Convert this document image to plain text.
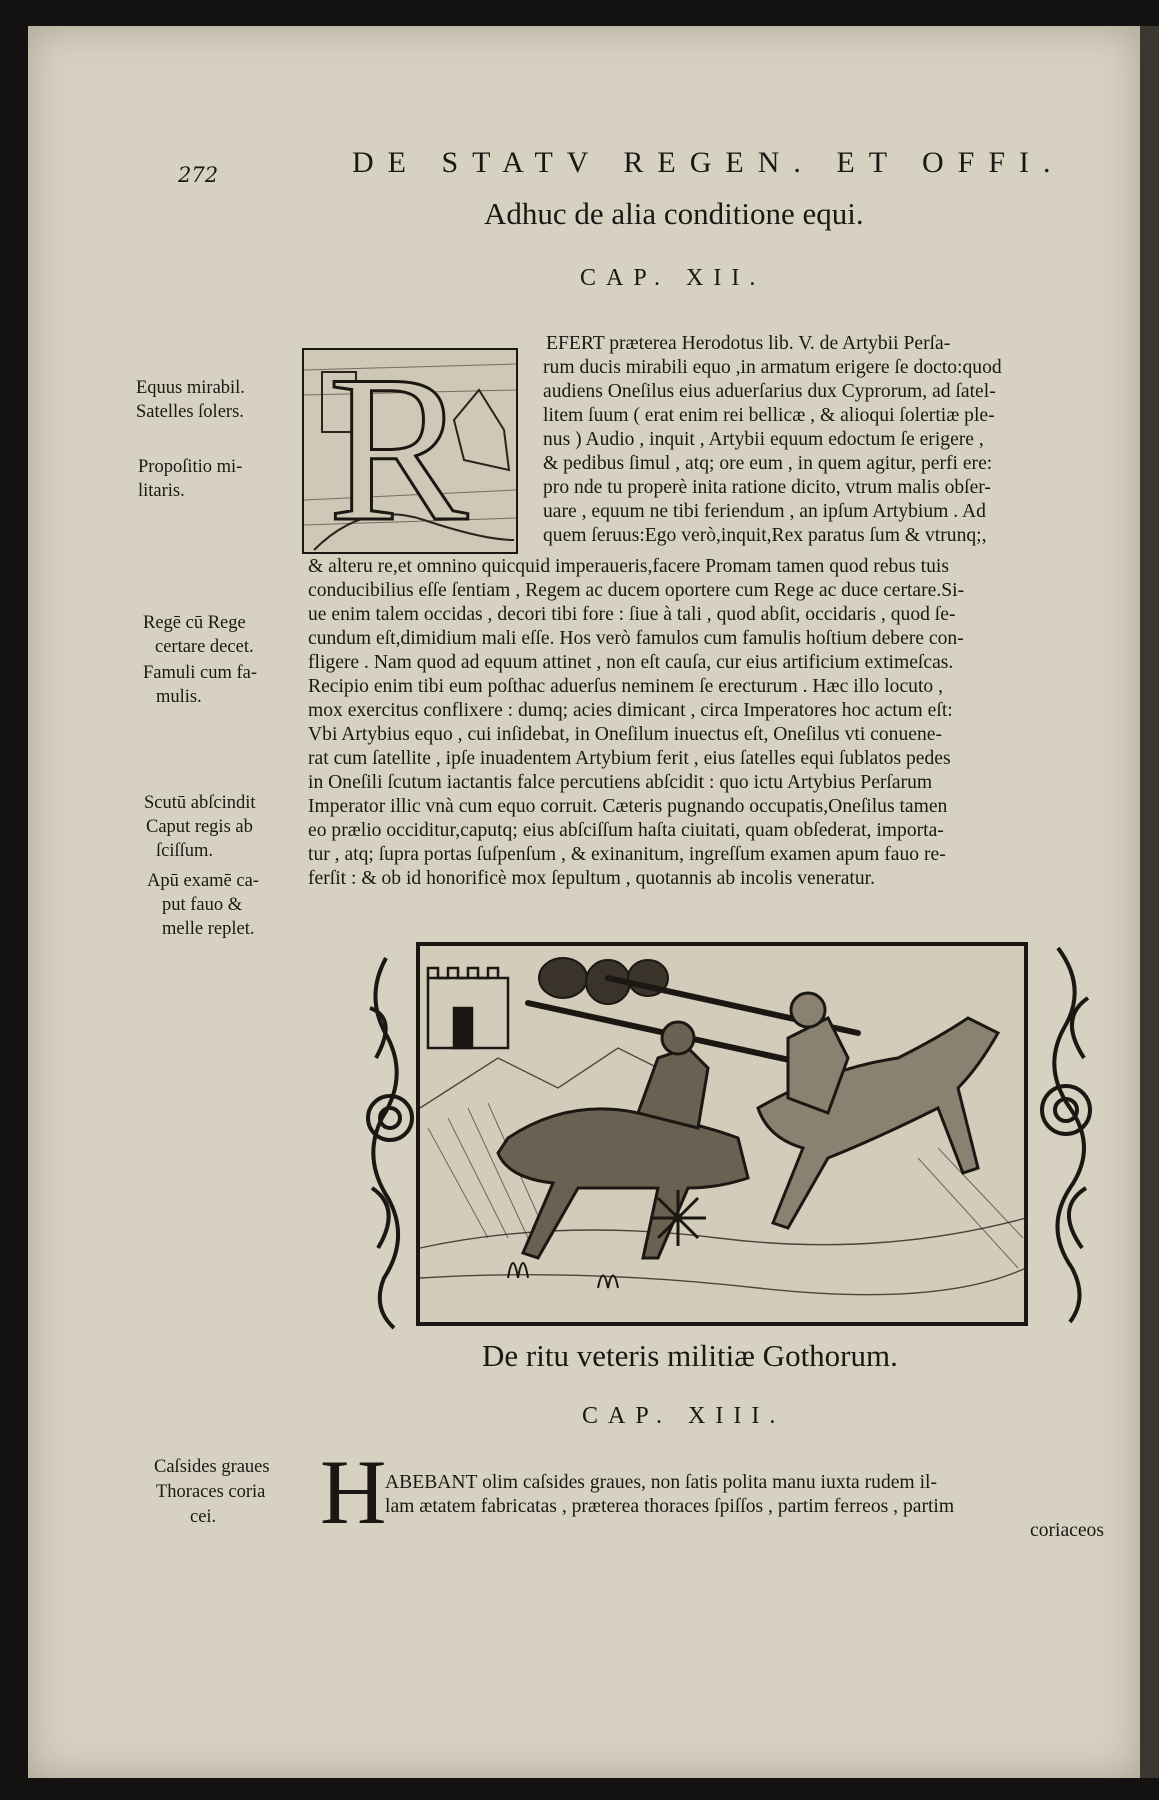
272	DE STATV REGEN. ET OFFI.
Adhuc de alia conditione equi.
CAP. XII.
R	EFERT præterea Herodotus lib. V. de Artybii Perſa-
rum ducis mirabili equo ,in armatum erigere ſe docto:quod
audiens Oneſilus eius aduerſarius dux Cyprorum, ad ſatel-
litem ſuum ( erat enim rei bellicæ , & alioqui ſolertiæ ple-
nus ) Audio , inquit , Artybii equum edoctum ſe erigere ,
& pedibus ſimul , atq; ore eum , in quem agitur, perfi ere:
pro nde tu properè inita ratione dicito, vtrum malis obſer-
uare , equum ne tibi feriendum , an ipſum Artybium . Ad
quem ſeruus:Ego verò,inquit,Rex paratus ſum & vtrunq;,
& alteru re,et omnino quicquid imperaueris,facere Promam tamen quod rebus tuis
conducibilius eſſe ſentiam , Regem ac ducem oportere cum Rege ac duce certare.Si-
ue enim talem occidas , decori tibi fore : ſiue à tali , quod abſit, occidaris , quod ſe-
cundum eſt,dimidium mali eſſe. Hos verò famulos cum famulis hoſtium debere con-
fligere . Nam quod ad equum attinet , non eſt cauſa, cur eius artificium extimeſcas.
Recipio enim tibi eum poſthac aduerſus neminem ſe erecturum . Hæc illo locuto ,
mox exercitus conflixere : dumq; acies dimicant , circa Imperatores hoc actum eſt:
Vbi Artybius equo , cui inſidebat, in Oneſilum inuectus eſt, Oneſilus vti conuene-
rat cum ſatellite , ipſe inuadentem Artybium ferit , eius ſatelles equi ſublatos pedes
in Oneſili ſcutum iactantis falce percutiens abſcidit : quo ictu Artybius Perſarum
Imperator illic vnà cum equo corruit. Cæteris pugnando occupatis,Oneſilus tamen
eo prælio occiditur,caputq; eius abſciſſum haſta ciuitati, quam obſederat, importa-
tur , atq; ſupra portas ſuſpenſum , & exinanitum, ingreſſum examen apum fauo re-
ferſit : & ob id honorificè mox ſepultum , quotannis ab incolis veneratur.
Equus mirabil.
Satelles ſolers.
Propoſitio mi-
litaris.
Regē cū Rege
certare decet.
Famuli cum fa-
mulis.
Scutū abſcindit
Caput regis ab
ſciſſum.
Apū examē ca-
put fauo &
melle replet.
De ritu veteris militiæ Gothorum.
CAP. XIII.
H
ABEBANT olim caſsides graues, non ſatis polita manu iuxta rudem il-
lam ætatem fabricatas , præterea thoraces ſpiſſos , partim ferreos , partim
coriaceos
Caſsides graues
Thoraces coria
cei.
